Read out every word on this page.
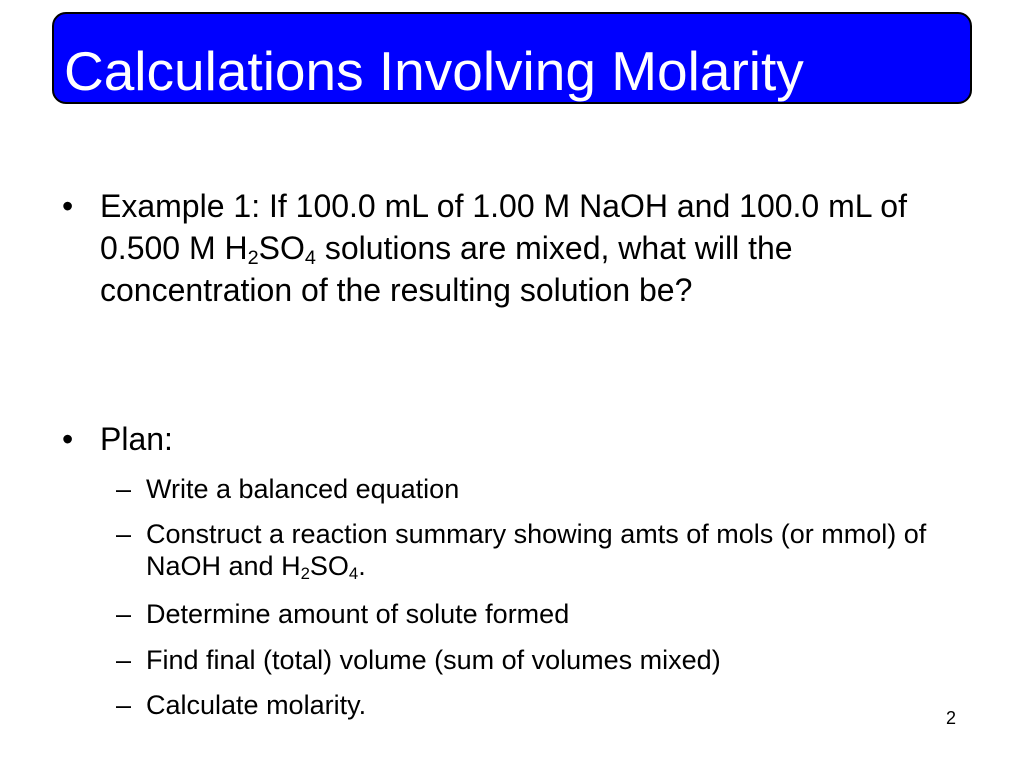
Calculations Involving Molarity
• Example 1: If 100.0 mL of 1.00 M NaOH and 100.0 mL of 0.500 M $H_2SO_4$ solutions are mixed, what will the concentration of the resulting solution be?
• Plan:
– Write a balanced equation
– Construct a reaction summary showing amts of mols (or mmol) of NaOH and $H_2SO_4$.
– Determine amount of solute formed
– Find final (total) volume (sum of volumes mixed)
– Calculate molarity.	2
